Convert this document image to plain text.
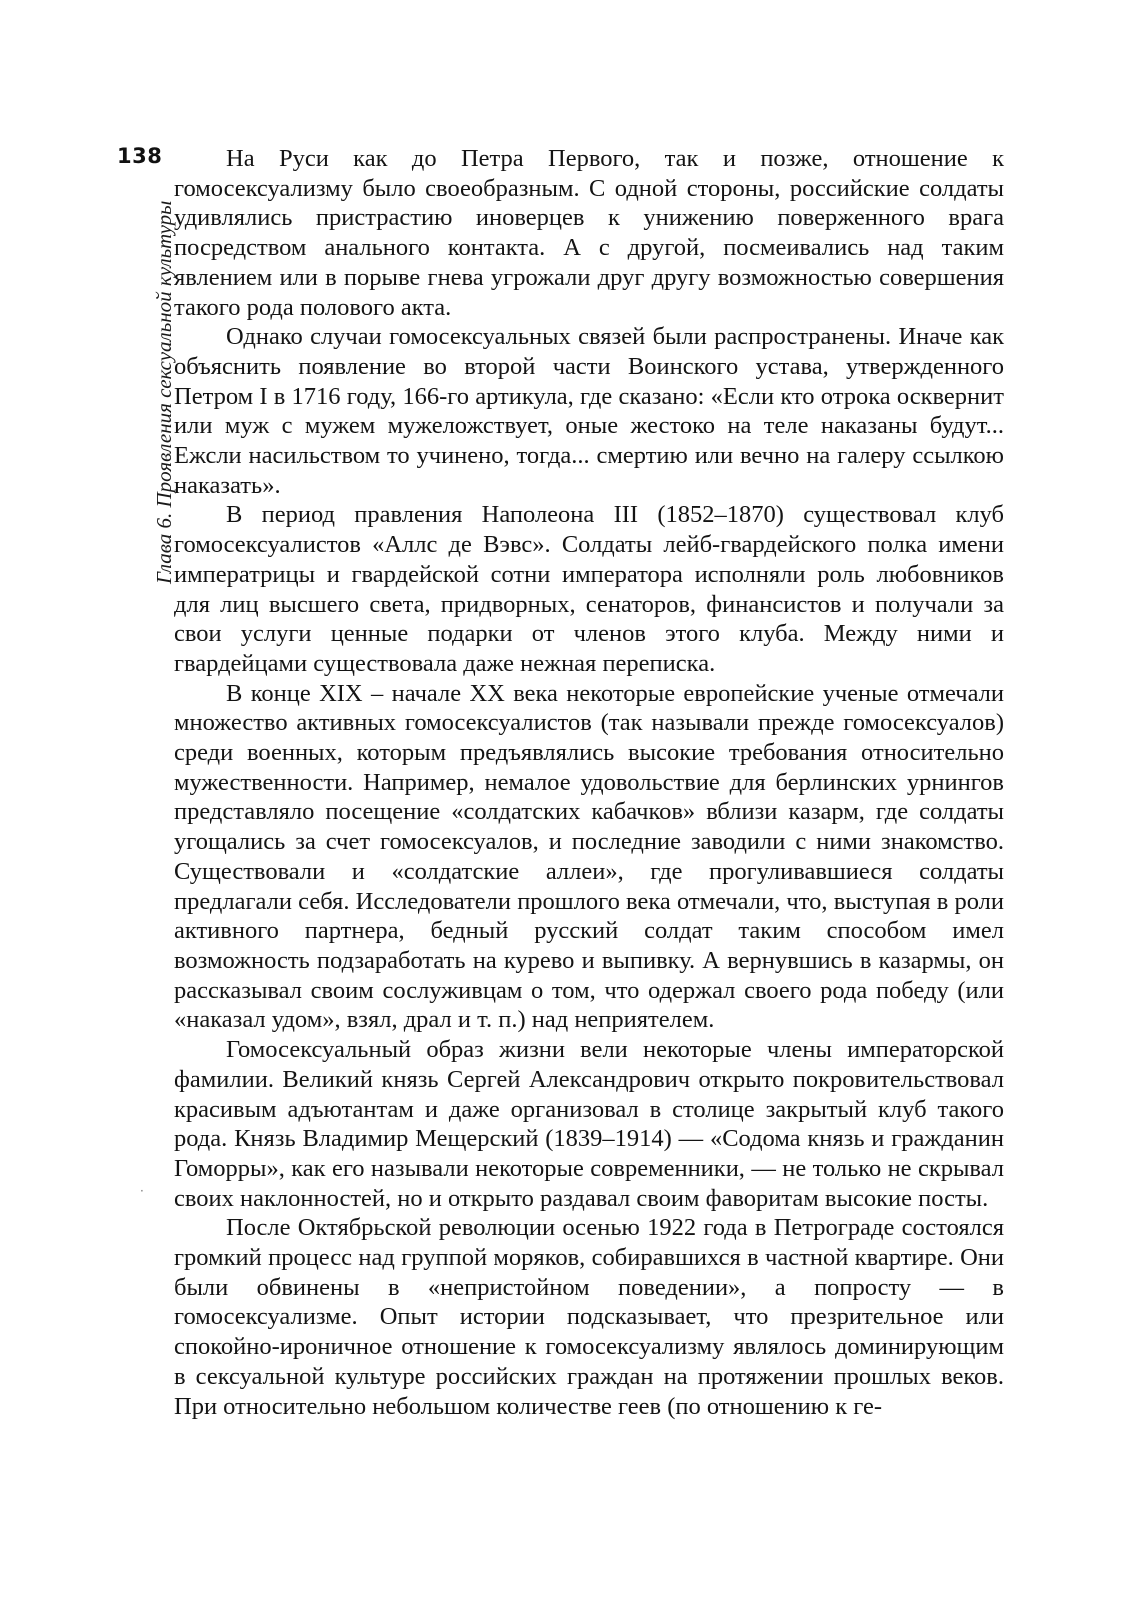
138
Глава 6. Проявления сексуальной культуры
·

На Руси как до Петра Первого, так и позже, отношение к гомосексуализму было своеобразным. С одной стороны, российские солдаты удивлялись пристрастию иноверцев к унижению поверженного врага посредством анального контакта. А с другой, посмеивались над таким явлением или в порыве гнева угрожали друг другу возможностью совершения такого рода полового акта.

Однако случаи гомосексуальных связей были распространены. Иначе как объяснить появление во второй части Воинского устава, утвержденного Петром I в 1716 году, 166-го артикула, где сказано: «Если кто отрока осквернит или муж с мужем мужеложствует, оные жестоко на теле наказаны будут... Ежсли насильством то учинено, тогда... смертию или вечно на галеру ссылкою наказать».

В период правления Наполеона III (1852–1870) существовал клуб гомосексуалистов «Аллс де Вэвс». Солдаты лейб-гвардейского полка имени императрицы и гвардейской сотни императора исполняли роль любовников для лиц высшего света, придворных, сенаторов, финансистов и получали за свои услуги ценные подарки от членов этого клуба. Между ними и гвардейцами существовала даже нежная переписка.

В конце XIX – начале XX века некоторые европейские ученые отмечали множество активных гомосексуалистов (так называли прежде гомосексуалов) среди военных, которым предъявлялись высокие требования относительно мужественности. Например, немалое удовольствие для берлинских урнингов представляло посещение «солдатских кабачков» вблизи казарм, где солдаты угощались за счет гомосексуалов, и последние заводили с ними знакомство. Существовали и «солдатские аллеи», где прогуливавшиеся солдаты предлагали себя. Исследователи прошлого века отмечали, что, выступая в роли активного партнера, бедный русский солдат таким способом имел возможность подзаработать на курево и выпивку. А вернувшись в казармы, он рассказывал своим сослуживцам о том, что одержал своего рода победу (или «наказал удом», взял, драл и т. п.) над неприятелем.

Гомосексуальный образ жизни вели некоторые члены императорской фамилии. Великий князь Сергей Александрович открыто покровительствовал красивым адъютантам и даже организовал в столице закрытый клуб такого рода. Князь Владимир Мещерский (1839–1914) — «Содома князь и гражданин Гоморры», как его называли некоторые современники, — не только не скрывал своих наклонностей, но и открыто раздавал своим фаворитам высокие посты.

После Октябрьской революции осенью 1922 года в Петрограде состоялся громкий процесс над группой моряков, собиравшихся в частной квартире. Они были обвинены в «непристойном поведении», а попросту — в гомосексуализме. Опыт истории подсказывает, что презрительное или спокойно-ироничное отношение к гомосексуализму являлось доминирующим в сексуальной культуре российских граждан на протяжении прошлых веков. При относительно небольшом количестве геев (по отношению к ге-
